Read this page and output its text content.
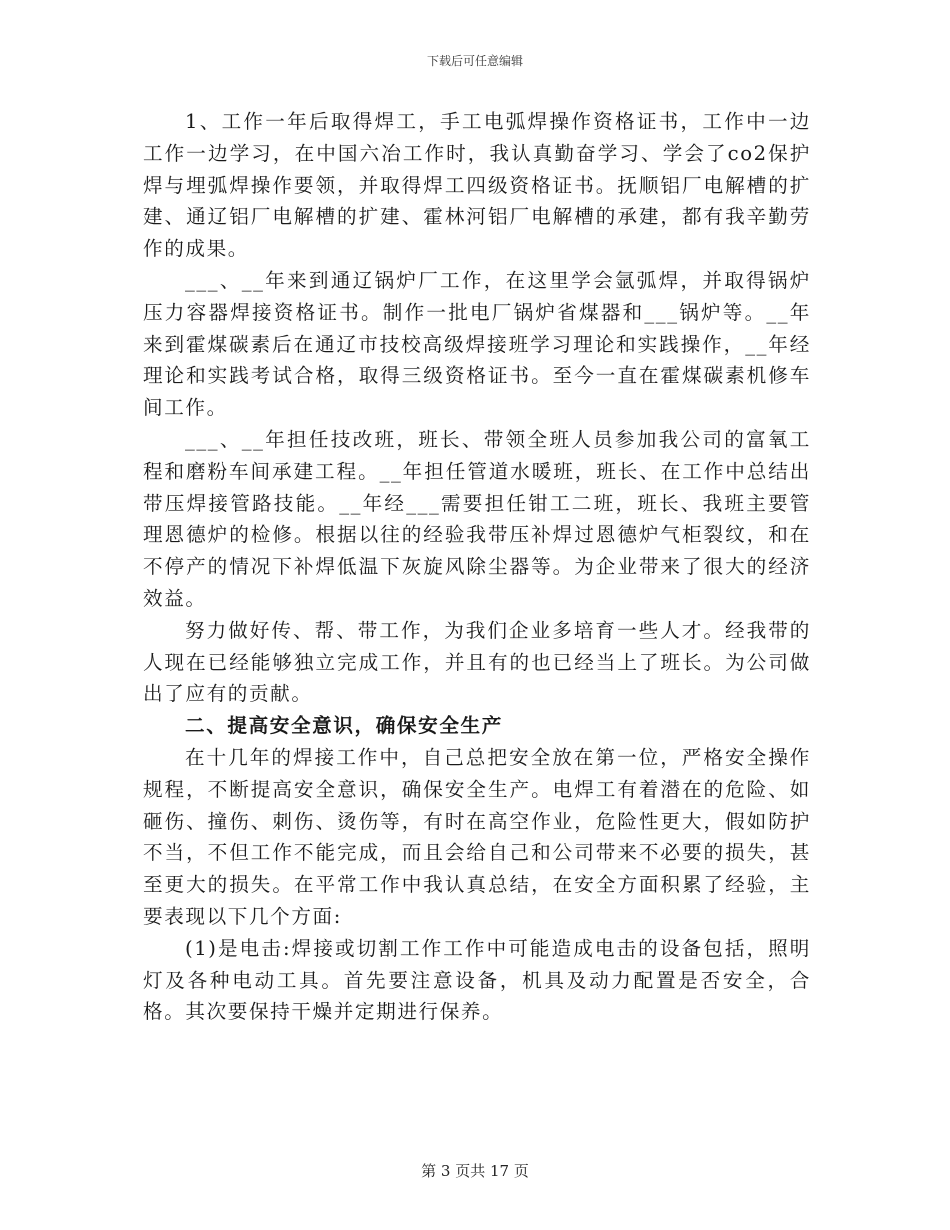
下载后可任意编辑

1、工作一年后取得焊工，手工电弧焊操作资格证书，工作中一边工作一边学习，在中国六冶工作时，我认真勤奋学习、学会了co2保护焊与埋弧焊操作要领，并取得焊工四级资格证书。抚顺铝厂电解槽的扩建、通辽铝厂电解槽的扩建、霍林河铝厂电解槽的承建，都有我辛勤劳作的成果。

___、__年来到通辽锅炉厂工作，在这里学会氩弧焊，并取得锅炉压力容器焊接资格证书。制作一批电厂锅炉省煤器和___锅炉等。__年来到霍煤碳素后在通辽市技校高级焊接班学习理论和实践操作，__年经理论和实践考试合格，取得三级资格证书。至今一直在霍煤碳素机修车间工作。

___、__年担任技改班，班长、带领全班人员参加我公司的富氧工程和磨粉车间承建工程。__年担任管道水暖班，班长、在工作中总结出带压焊接管路技能。__年经___需要担任钳工二班，班长、我班主要管理恩德炉的检修。根据以往的经验我带压补焊过恩德炉气柜裂纹，和在不停产的情况下补焊低温下灰旋风除尘器等。为企业带来了很大的经济效益。

努力做好传、帮、带工作，为我们企业多培育一些人才。经我带的人现在已经能够独立完成工作，并且有的也已经当上了班长。为公司做出了应有的贡献。

二、提高安全意识，确保安全生产

在十几年的焊接工作中，自己总把安全放在第一位，严格安全操作规程，不断提高安全意识，确保安全生产。电焊工有着潜在的危险、如砸伤、撞伤、刺伤、烫伤等，有时在高空作业，危险性更大，假如防护不当，不但工作不能完成，而且会给自己和公司带来不必要的损失，甚至更大的损失。在平常工作中我认真总结，在安全方面积累了经验，主要表现以下几个方面:

(1)是电击:焊接或切割工作工作中可能造成电击的设备包括，照明灯及各种电动工具。首先要注意设备，机具及动力配置是否安全，合格。其次要保持干燥并定期进行保养。

第 3 页共 17 页
